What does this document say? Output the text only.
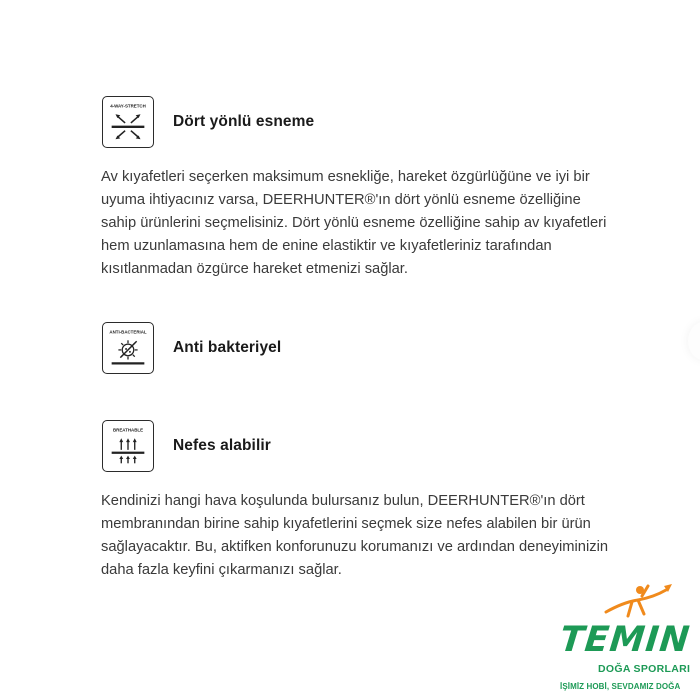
4-WAY-STRETCH
Dört yönlü esneme

Av kıyafetleri seçerken maksimum esnekliğe, hareket özgürlüğüne ve iyi bir uyuma ihtiyacınız varsa, DEERHUNTER®'ın dört yönlü esneme özelliğine sahip ürünlerini seçmelisiniz. Dört yönlü esneme özelliğine sahip av kıyafetleri hem uzunlamasına hem de enine elastiktir ve kıyafetleriniz tarafından kısıtlanmadan özgürce hareket etmenizi sağlar.

ANTI-BACTERIAL
Anti bakteriyel
BREATHABLE
Nefes alabilir

Kendinizi hangi hava koşulunda bulursanız bulun, DEERHUNTER®'ın dört membranından birine sahip kıyafetlerini seçmek size nefes alabilen bir ürün sağlayacaktır. Bu, aktifken konforunuzu korumanızı ve ardından deneyiminizin daha fazla keyfini çıkarmanızı sağlar.

TEMIN
DOĞA SPORLARI
İŞİMİZ HOBİ, SEVDAMIZ DOĞA
